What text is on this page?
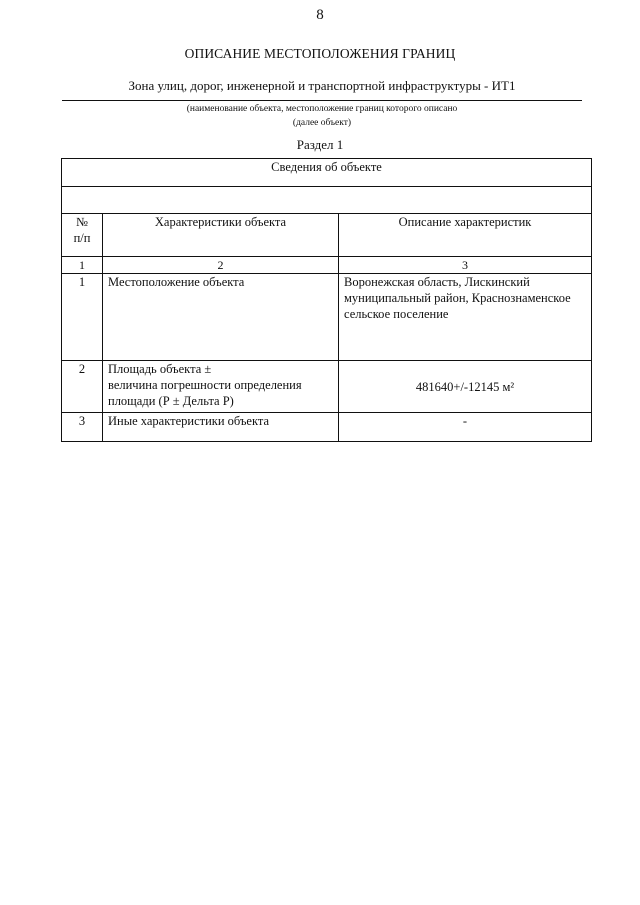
8
ОПИСАНИЕ МЕСТОПОЛОЖЕНИЯ ГРАНИЦ
Зона улиц, дорог, инженерной и транспортной инфраструктуры - ИТ1
(наименование объекта, местоположение границ которого описано
(далее объект)
Раздел 1
Сведения об объекте		

№
п/п	Характеристики объекта	Описание характеристик
1	2	3
1	Местоположение объекта	Воронежская область, Лискинский
муниципальный район, Краснознаменское
сельское поселение

2	Площадь объекта ±
величина погрешности определения
площади (Р ± Дельта Р)	481640+/-12145 м²
3	Иные характеристики объекта	-
